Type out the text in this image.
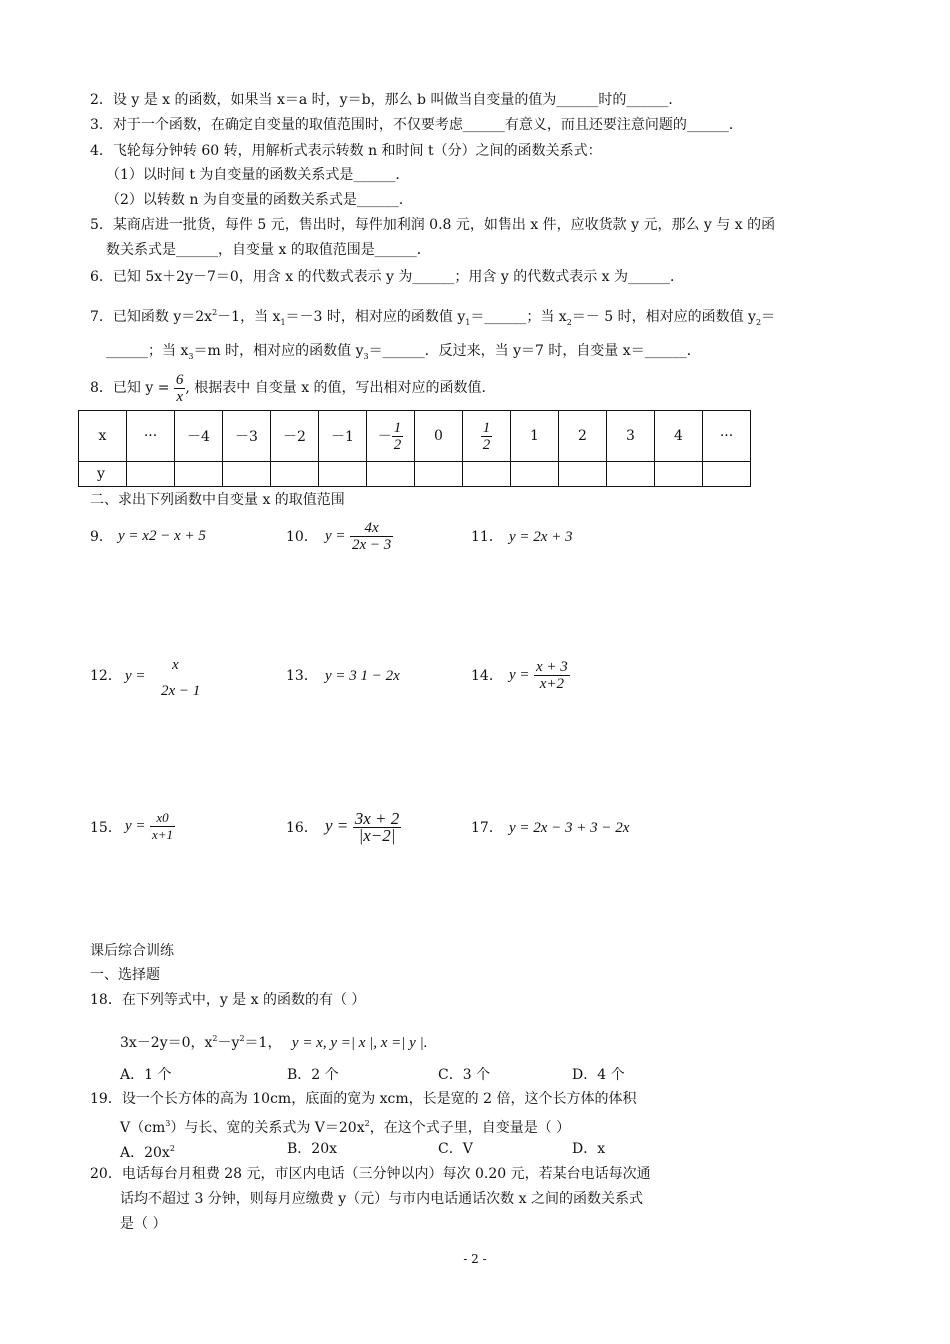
2．设 y 是 x 的函数，如果当 x＝a 时，y＝b，那么 b 叫做当自变量的值为______时的______．
3．对于一个函数，在确定自变量的取值范围时，不仅要考虑______有意义，而且还要注意问题的______．
4．飞轮每分钟转 60 转，用解析式表示转数 n 和时间 t（分）之间的函数关系式：
（1）以时间 t 为自变量的函数关系式是______．
（2）以转数 n 为自变量的函数关系式是______．
5．某商店进一批货，每件 5 元，售出时，每件加利润 0.8 元，如售出 x 件，应收货款 y 元，那么 y 与 x 的函
数关系式是______，自变量 x 的取值范围是______．
6．已知 5x＋2y－7＝0，用含 x 的代数式表示 y 为______；用含 y 的代数式表示 x 为______．
7．已知函数 $y=2x^2-1$，当 $x_1=-3$ 时，相对应的函数值 $y_1=\_\_\_\_\_\_$；当 $x_2=- 5$ 时，相对应的函数值 $y_2=$
______；当 $x_3=m$ 时，相对应的函数值 $y_3=\_\_\_\_\_\_$．反过来，当 y＝7 时，自变量 x＝______．
8．已知 $y = \frac{6}{x}$ , 根据表中 自变量 x 的值，写出相对应的函数值.
x	···	－4	－3	－2	－1	－ $\frac{1}{2}$	0	$\frac{1}{2}$	1	2	3	4	···
y													
二、求出下列函数中自变量 x 的取值范围
9． y = x2 − x + 5	10． $y = \frac{4x}{2x - 3}$	11． y = 2x + 3
12． y =
x
2x − 1
13． y = 3 1 − 2x	14． $y = \frac{x + 3}{x+2}$
15． $y = \frac{x0}{x+1}$	16． $y = \frac{3x + 2}{|x-2|}$	17． y = 2x − 3 + 3 − 2x
课后综合训练
一、选择题
18．在下列等式中，y 是 x 的函数的有（ ）
3x－2y＝0，$x^2-y^2=1$， y = x, y =| x |, x =| y |.
A．1 个	B．2 个	C．3 个	D．4 个
19．设一个长方体的高为 10cm，底面的宽为 xcm，长是宽的 2 倍，这个长方体的体积
$V(cm^3)$与长、宽的关系式为 $V=20x^2$，在这个式子里，自变量是（ ）
A．$20x^2$	B．20x	C．V	D．x
20．电话每台月租费 28 元，市区内电话（三分钟以内）每次 0.20 元，若某台电话每次通
话均不超过 3 分钟，则每月应缴费 y（元）与市内电话通话次数 x 之间的函数关系式
是（ ）
- 2 -
